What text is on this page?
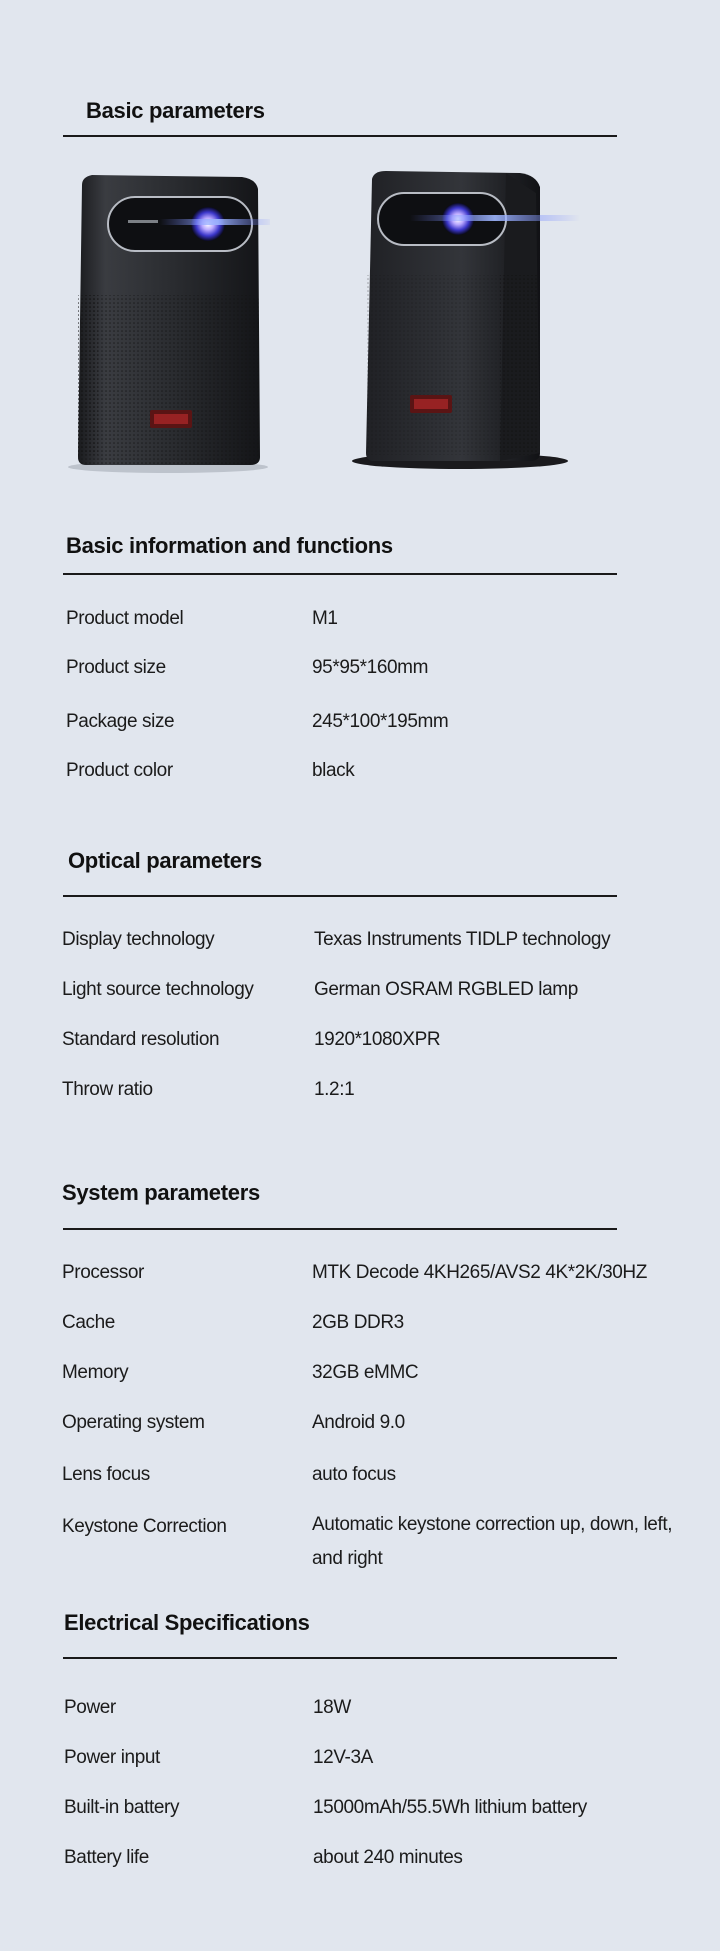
Basic parameters
Basic information and functions
Product model	M1
Product size	95*95*160mm
Package size	245*100*195mm
Product color	black
Optical parameters
Display technology	Texas Instruments TIDLP technology
Light source technology	German OSRAM RGBLED lamp
Standard resolution	1920*1080XPR
Throw ratio	1.2:1
System parameters
Processor	MTK Decode 4KH265/AVS2 4K*2K/30HZ
Cache	2GB DDR3
Memory	32GB eMMC
Operating system	Android 9.0
Lens focus	auto focus
Keystone Correction	Automatic keystone correction up, down, left, and right
Electrical Specifications
Power	18W
Power input	12V-3A
Built-in battery	15000mAh/55.5Wh lithium battery
Battery life	about 240 minutes
